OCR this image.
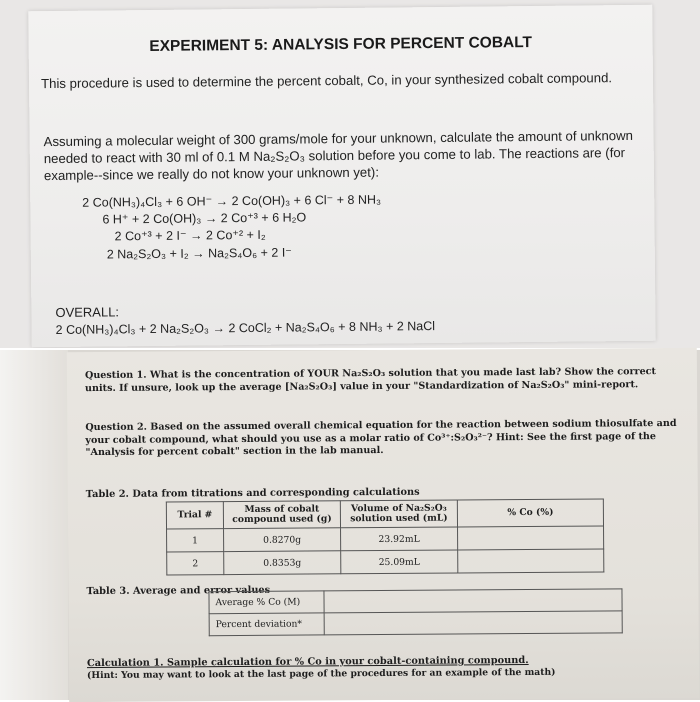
EXPERIMENT 5: ANALYSIS FOR PERCENT COBALT

This procedure is used to determine the percent cobalt, Co, in your synthesized cobalt compound.

Assuming a molecular weight of 300 grams/mole for your unknown, calculate the amount of unknown needed to react with 30 ml of 0.1 M Na₂S₂O₃ solution before you come to lab. The reactions are (for example--since we really do not know your unknown yet):

2 Co(NH₃)₄Cl₃ + 6 OH⁻ → 2 Co(OH)₃ + 6 Cl⁻ + 8 NH₃
6 H⁺ + 2 Co(OH)₃ → 2 Co⁺³ + 6 H₂O
2 Co⁺³ + 2 I⁻ → 2 Co⁺² + I₂
2 Na₂S₂O₃ + I₂ → Na₂S₄O₆ + 2 I⁻
OVERALL:
2 Co(NH₃)₄Cl₃ + 2 Na₂S₂O₃ → 2 CoCl₂ + Na₂S₄O₆ + 8 NH₃ + 2 NaCl

Question 1. What is the concentration of YOUR Na₂S₂O₃ solution that you made last lab? Show the correct units. If unsure, look up the average [Na₂S₂O₃] value in your "Standardization of Na₂S₂O₃" mini-report.

Question 2. Based on the assumed overall chemical equation for the reaction between sodium thiosulfate and your cobalt compound, what should you use as a molar ratio of Co³⁺:S₂O₃²⁻? Hint: See the first page of the "Analysis for percent cobalt" section in the lab manual.

Table 2. Data from titrations and corresponding calculations
Trial #	Mass of cobalt compound used (g)	Volume of Na₂S₂O₃ solution used (mL)	% Co (%)
1	0.8270g	23.92mL	
2	0.8353g	25.09mL	
Table 3. Average and error values
Average % Co (M)	
Percent deviation*	
Calculation 1. Sample calculation for % Co in your cobalt-containing compound.
(Hint: You may want to look at the last page of the procedures for an example of the math)
